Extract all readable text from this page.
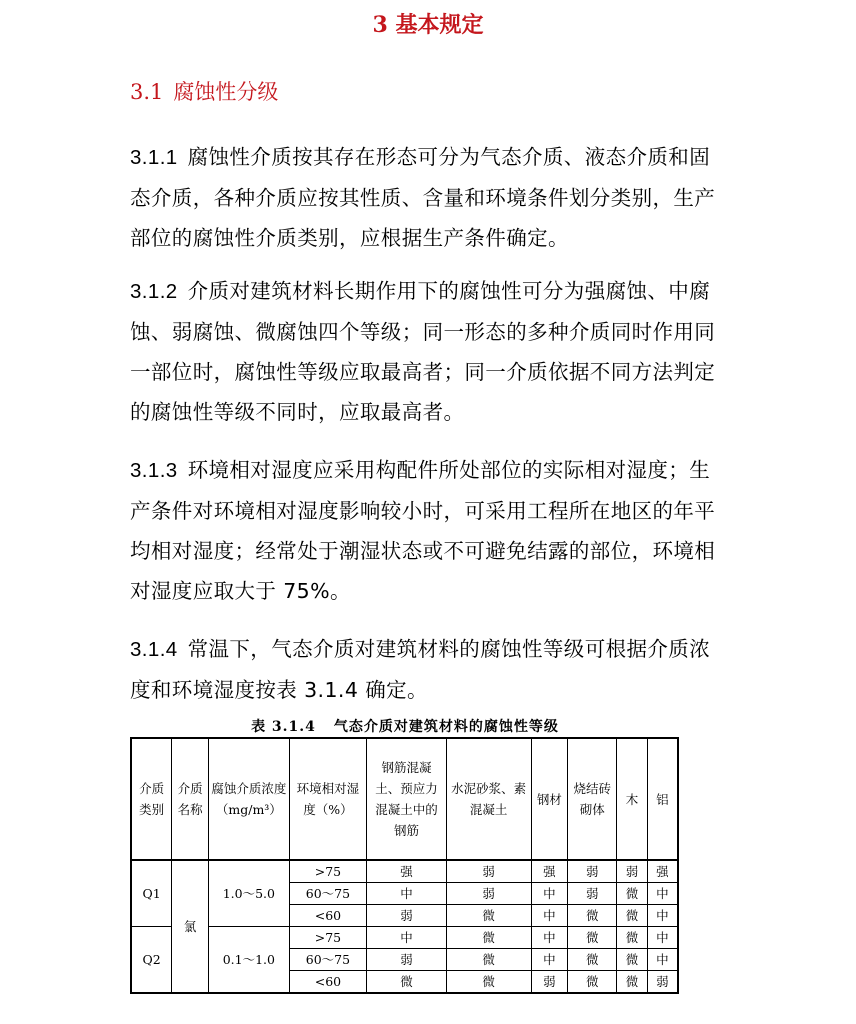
3 基本规定
3.1 腐蚀性分级
3.1.1 腐蚀性介质按其存在形态可分为气态介质、液态介质和固态介质，各种介质应按其性质、含量和环境条件划分类别，生产部位的腐蚀性介质类别，应根据生产条件确定。
3.1.2 介质对建筑材料长期作用下的腐蚀性可分为强腐蚀、中腐蚀、弱腐蚀、微腐蚀四个等级；同一形态的多种介质同时作用同一部位时，腐蚀性等级应取最高者；同一介质依据不同方法判定的腐蚀性等级不同时，应取最高者。
3.1.3 环境相对湿度应采用构配件所处部位的实际相对湿度；生产条件对环境相对湿度影响较小时，可采用工程所在地区的年平均相对湿度；经常处于潮湿状态或不可避免结露的部位，环境相对湿度应取大于 75%。
3.1.4 常温下，气态介质对建筑材料的腐蚀性等级可根据介质浓度和环境湿度按表 3.1.4 确定。
表 3.1.4 气态介质对建筑材料的腐蚀性等级
介质类别	介质名称	腐蚀介质浓度（mg/m³）	环境相对湿度（%）	钢筋混凝土、预应力混凝土中的钢筋	水泥砂浆、素混凝土	钢材	烧结砖砌体	木	铝
Q1	氯	1.0～5.0	>75	强	弱	强	弱	弱	强
			60～75	中	弱	中	弱	微	中
			<60	弱	微	中	微	微	中
Q2		0.1～1.0	>75	中	微	中	微	微	中
			60～75	弱	微	中	微	微	中
			<60	微	微	弱	微	微	弱
